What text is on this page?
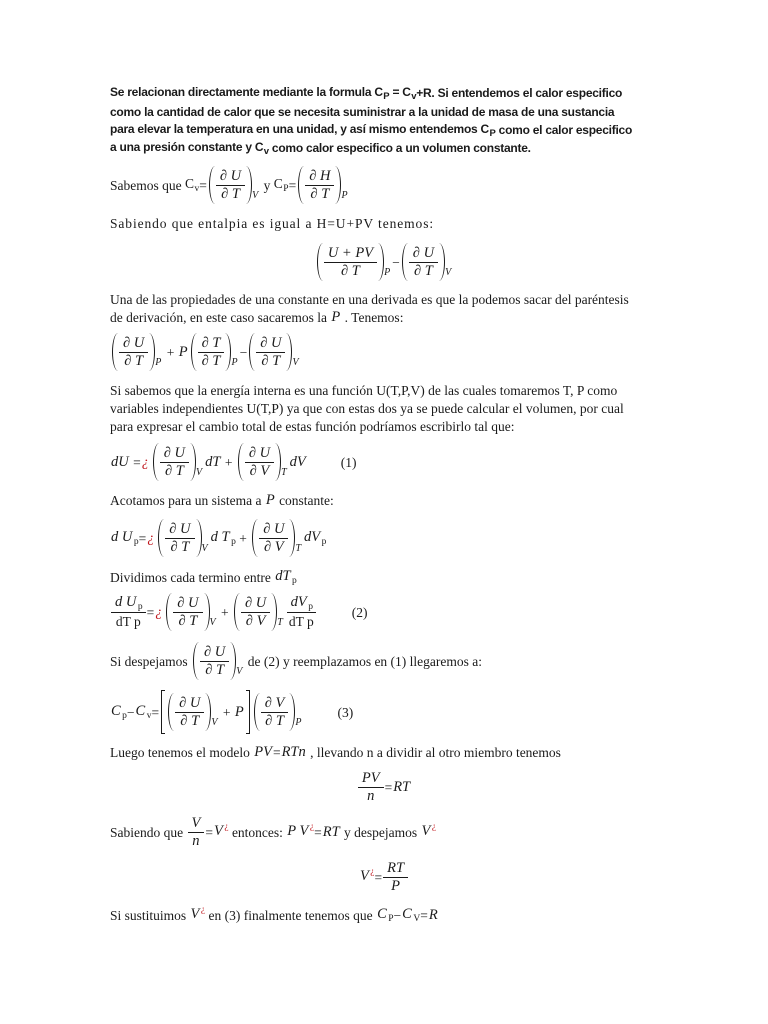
Se relacionan directamente mediante la formula $C_P = C_v +R$. Si entendemos el calor especifico
como la cantidad de calor que se necesita suministrar a la unidad de masa de una sustancia
para elevar la temperatura en una unidad, y así mismo entendemos $C_P$ como el calor especifico
a una presión constante y $C_v$ como calor especifico a un volumen constante.
Sabemos que $C_v = \frac{\partial U}{\partial T}$ V
y $C_P = \frac{\partial H}{\partial T}$ P
Sabiendo que entalpia es igual a H=U+PV tenemos:
$\frac{U + PV}{\partial T}$ P
− $\frac{\partial U}{\partial T}$ V
Una de las propiedades de una constante en una derivada es que la podemos sacar del paréntesis
de derivación, en este caso sacaremos la P . Tenemos:
$\frac{\partial U}{\partial T}$ P
+ P $\frac{\partial T}{\partial T}$ P
− $\frac{\partial U}{\partial T}$ V
Si sabemos que la energía interna es una función U(T,P,V) de las cuales tomaremos T, P como
variables independientes U(T,P) ya que con estas dos ya se puede calcular el volumen, por cual
para expresar el cambio total de estas función podríamos escribirlo tal que:
dU = ¿ $\frac{\partial U}{\partial T}$ V
dT + $\frac{\partial U}{\partial V}$ T
dV	(1)
Acotamos para un sistema a P constante:
d U $_p$ = ¿ $\frac{\partial U}{\partial T}$ V
d T $_p + \frac{\partial U}{\partial V}$ T
dV $_p$
Dividimos cada termino entre dT $_p$
$\frac{d U _p}{\text{dT p}}$ = ¿ $\frac{\partial U}{\partial T}$ V
+ $\frac{\partial U}{\partial V}$ T $\frac{dV _p}{\text{dT p}}$	(2)
Si despejamos $\frac{\partial U}{\partial T}$ V
de (2) y reemplazamos en (1) llegaremos a:
C $_p$ − C $_v = \frac{\partial U}{\partial T}$ V
+ P $\frac{\partial V}{\partial T}$ P
(3)
Luego tenemos el modelo PV = RTn , llevando n a dividir al otro miembro tenemos
$\frac{PV}{n}$ = RT
Sabiendo que $\frac{V}{n} = V$ ¿ entonces: P V ¿ = RT y despejamos V ¿
V $^¿ = \frac{RT}{P}$
Si sustituimos V ¿ en (3) finalmente tenemos que C $_P$ − C $_V$ = R
